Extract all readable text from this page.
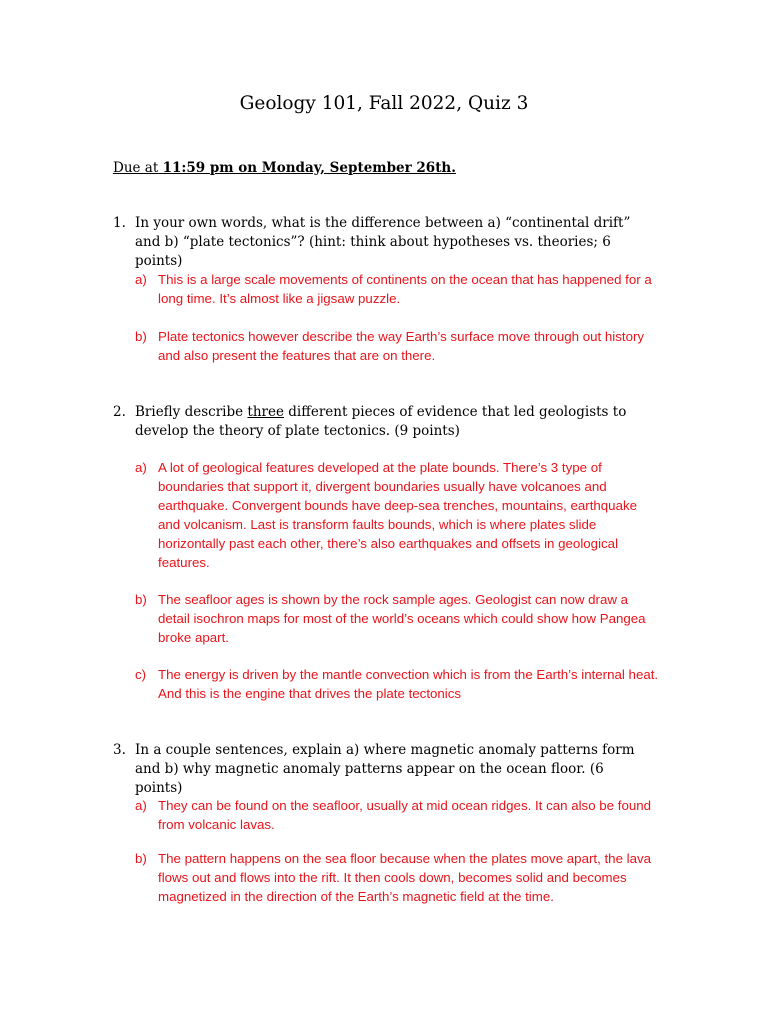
Geology 101, Fall 2022, Quiz 3
Due at 11:59 pm on Monday, September 26th.
1. In your own words, what is the difference between a) “continental drift” and b) “plate tectonics”? (hint: think about hypotheses vs. theories; 6 points)
a) This is a large scale movements of continents on the ocean that has happened for a long time. It’s almost like a jigsaw puzzle.
b) Plate tectonics however describe the way Earth’s surface move through out history and also present the features that are on there.
2. Briefly describe three different pieces of evidence that led geologists to develop the theory of plate tectonics. (9 points)
a) A lot of geological features developed at the plate bounds. There’s 3 type of boundaries that support it, divergent boundaries usually have volcanoes and earthquake. Convergent bounds have deep-sea trenches, mountains, earthquake and volcanism. Last is transform faults bounds, which is where plates slide horizontally past each other, there’s also earthquakes and offsets in geological features.
b) The seafloor ages is shown by the rock sample ages. Geologist can now draw a detail isochron maps for most of the world’s oceans which could show how Pangea broke apart.
c) The energy is driven by the mantle convection which is from the Earth’s internal heat. And this is the engine that drives the plate tectonics
3. In a couple sentences, explain a) where magnetic anomaly patterns form and b) why magnetic anomaly patterns appear on the ocean floor. (6 points)
a) They can be found on the seafloor, usually at mid ocean ridges. It can also be found from volcanic lavas.
b) The pattern happens on the sea floor because when the plates move apart, the lava flows out and flows into the rift. It then cools down, becomes solid and becomes magnetized in the direction of the Earth’s magnetic field at the time.
